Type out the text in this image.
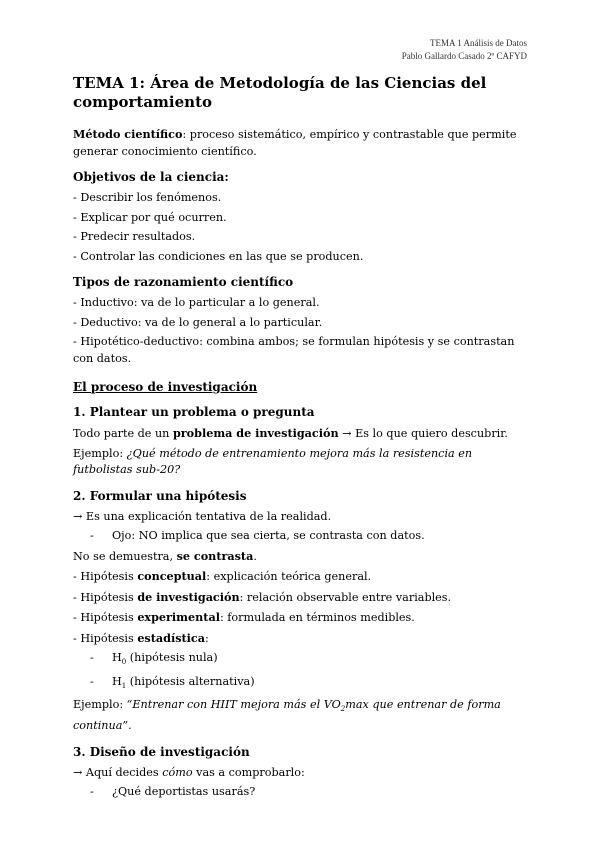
TEMA 1 Análisis de Datos
Pablo Gallardo Casado 2º CAFYD
TEMA 1: Área de Metodología de las Ciencias del comportamiento

Método científico: proceso sistemático, empírico y contrastable que permite generar conocimiento científico.

Objetivos de la ciencia:
- Describir los fenómenos.
- Explicar por qué ocurren.
- Predecir resultados.
- Controlar las condiciones en las que se producen.
Tipos de razonamiento científico
- Inductivo: va de lo particular a lo general.
- Deductivo: va de lo general a lo particular.
- Hipotético-deductivo: combina ambos; se formulan hipótesis y se contrastan con datos.
El proceso de investigación
1. Plantear un problema o pregunta

Todo parte de un problema de investigación → Es lo que quiero descubrir.

Ejemplo: ¿Qué método de entrenamiento mejora más la resistencia en futbolistas sub-20?

2. Formular una hipótesis
→ Es una explicación tentativa de la realidad.
-	Ojo: NO implica que sea cierta, se contrasta con datos.
No se demuestra, se contrasta.
- Hipótesis conceptual: explicación teórica general.
- Hipótesis de investigación: relación observable entre variables.
- Hipótesis experimental: formulada en términos medibles.
- Hipótesis estadística:
-	$H_0$ (hipótesis nula)
-	$H_1$ (hipótesis alternativa)

Ejemplo: “Entrenar con HIIT mejora más el $VO_2\max$ que entrenar de forma continua”.

3. Diseño de investigación
→ Aquí decides cómo vas a comprobarlo:
-	¿Qué deportistas usarás?
